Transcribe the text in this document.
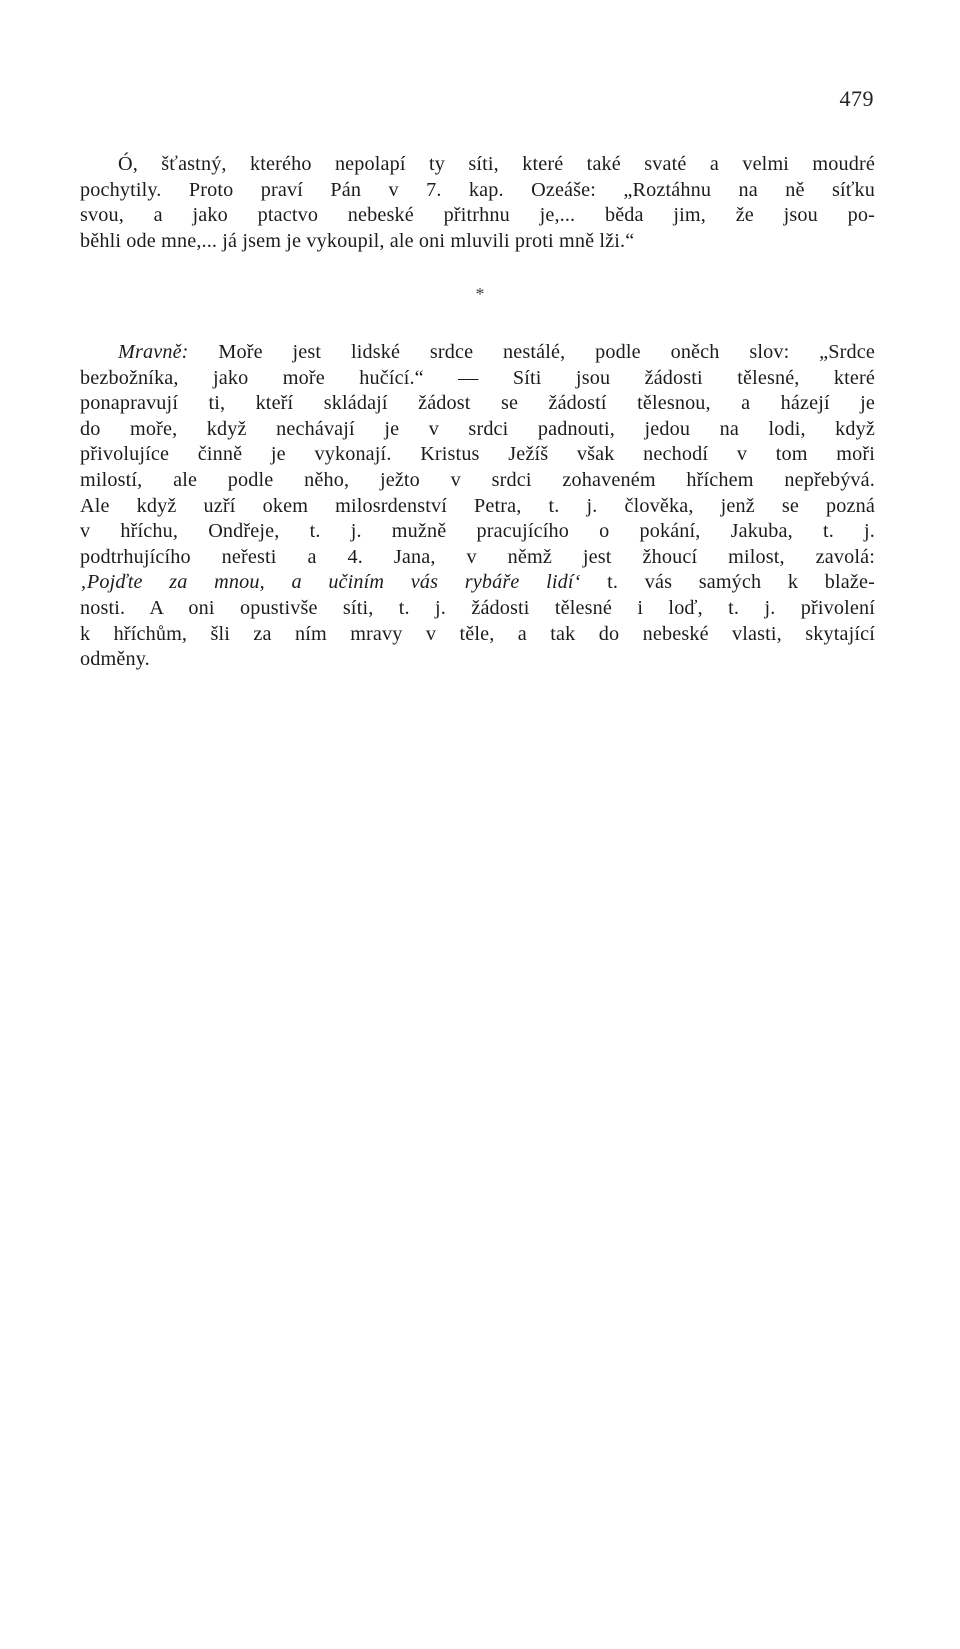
479
Ó, šťastný, kterého nepolapí ty síti, které také svaté a velmi moudré
pochytily. Proto praví Pán v 7. kap. Ozeáše: „Roztáhnu na ně síťku
svou, a jako ptactvo nebeské přitrhnu je,... běda jim, že jsou po-
běhli ode mne,... já jsem je vykoupil, ale oni mluvili proti mně lži.“
*
Mravně: Moře jest lidské srdce nestálé, podle oněch slov: „Srdce
bezbožníka, jako moře hučící.“ — Síti jsou žádosti tělesné, které
ponapravují ti, kteří skládají žádost se žádostí tělesnou, a házejí je
do moře, když nechávají je v srdci padnouti, jedou na lodi, když
přivolujíce činně je vykonají. Kristus Ježíš však nechodí v tom moři
milostí, ale podle něho, ježto v srdci zohaveném hříchem nepřebývá.
Ale když uzří okem milosrdenství Petra, t. j. člověka, jenž se pozná
v hříchu, Ondřeje, t. j. mužně pracujícího o pokání, Jakuba, t. j.
podtrhujícího neřesti a 4. Jana, v němž jest žhoucí milost, zavolá:
‚Pojďte za mnou, a učiním vás rybáře lidí‘ t. vás samých k blaže-
nosti. A oni opustivše síti, t. j. žádosti tělesné i loď, t. j. přivolení
k hříchům, šli za ním mravy v těle, a tak do nebeské vlasti, skytající
odměny.
